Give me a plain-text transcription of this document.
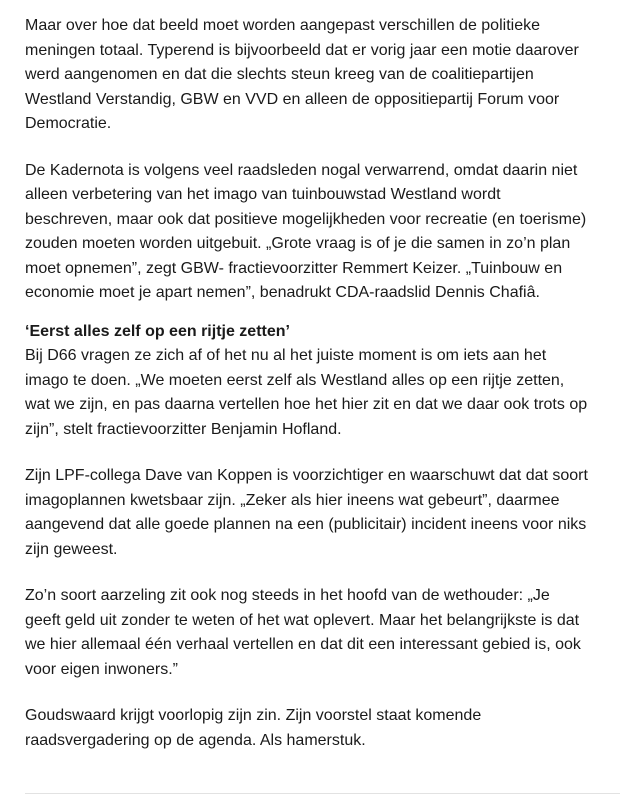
Maar over hoe dat beeld moet worden aangepast verschillen de politieke
meningen totaal. Typerend is bijvoorbeeld dat er vorig jaar een motie daarover
werd aangenomen en dat die slechts steun kreeg van de coalitiepartijen
Westland Verstandig, GBW en VVD en alleen de oppositiepartij Forum voor
Democratie.

De Kadernota is volgens veel raadsleden nogal verwarrend, omdat daarin niet
alleen verbetering van het imago van tuinbouwstad Westland wordt
beschreven, maar ook dat positieve mogelijkheden voor recreatie (en toerisme)
zouden moeten worden uitgebuit. „Grote vraag is of je die samen in zo’n plan
moet opnemen”, zegt GBW- fractievoorzitter Remmert Keizer. „Tuinbouw en
economie moet je apart nemen”, benadrukt CDA-raadslid Dennis Chafiâ.

‘Eerst alles zelf op een rijtje zetten’

Bij D66 vragen ze zich af of het nu al het juiste moment is om iets aan het
imago te doen. „We moeten eerst zelf als Westland alles op een rijtje zetten,
wat we zijn, en pas daarna vertellen hoe het hier zit en dat we daar ook trots op
zijn”, stelt fractievoorzitter Benjamin Hofland.

Zijn LPF-collega Dave van Koppen is voorzichtiger en waarschuwt dat dat soort
imagoplannen kwetsbaar zijn. „Zeker als hier ineens wat gebeurt”, daarmee
aangevend dat alle goede plannen na een (publicitair) incident ineens voor niks
zijn geweest.

Zo’n soort aarzeling zit ook nog steeds in het hoofd van de wethouder: „Je
geeft geld uit zonder te weten of het wat oplevert. Maar het belangrijkste is dat
we hier allemaal één verhaal vertellen en dat dit een interessant gebied is, ook
voor eigen inwoners.”

Goudswaard krijgt voorlopig zijn zin. Zijn voorstel staat komende
raadsvergadering op de agenda. Als hamerstuk.
